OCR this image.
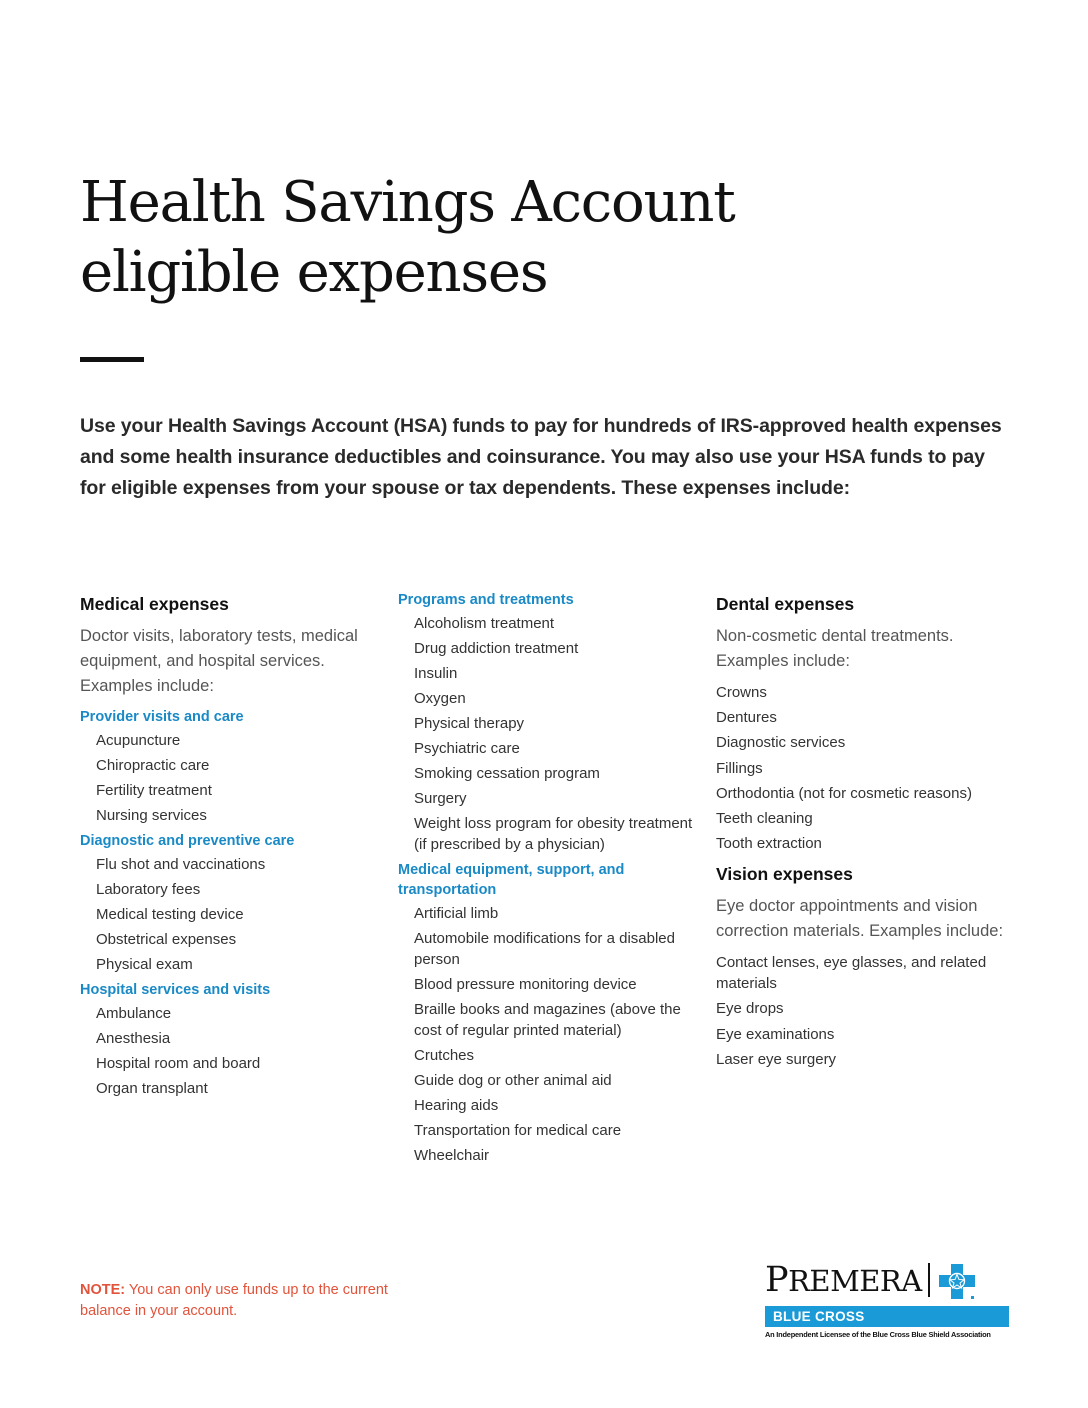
Health Savings Account
eligible expenses

Use your Health Savings Account (HSA) funds to pay for hundreds of IRS-approved health expenses and some health insurance deductibles and coinsurance. You may also use your HSA funds to pay for eligible expenses from your spouse or tax dependents. These expenses include:

Medical expenses

Doctor visits, laboratory tests, medical equipment, and hospital services. Examples include:

Provider visits and care
Acupuncture
Chiropractic care
Fertility treatment
Nursing services
Diagnostic and preventive care
Flu shot and vaccinations
Laboratory fees
Medical testing device
Obstetrical expenses
Physical exam
Hospital services and visits
Ambulance
Anesthesia
Hospital room and board
Organ transplant
Programs and treatments
Alcoholism treatment
Drug addiction treatment
Insulin
Oxygen
Physical therapy
Psychiatric care
Smoking cessation program
Surgery
Weight loss program for obesity treatment (if prescribed by a physician)
Medical equipment, support, and transportation
Artificial limb
Automobile modifications for a disabled person
Blood pressure monitoring device
Braille books and magazines (above the cost of regular printed material)
Crutches
Guide dog or other animal aid
Hearing aids
Transportation for medical care
Wheelchair
Dental expenses

Non-cosmetic dental treatments. Examples include:

Crowns
Dentures
Diagnostic services
Fillings
Orthodontia (not for cosmetic reasons)
Teeth cleaning
Tooth extraction
Vision expenses

Eye doctor appointments and vision correction materials. Examples include:

Contact lenses, eye glasses, and related materials
Eye drops
Eye examinations
Laser eye surgery

NOTE: You can only use funds up to the current balance in your account.

PREMERA
BLUE CROSS
An Independent Licensee of the Blue Cross Blue Shield Association
